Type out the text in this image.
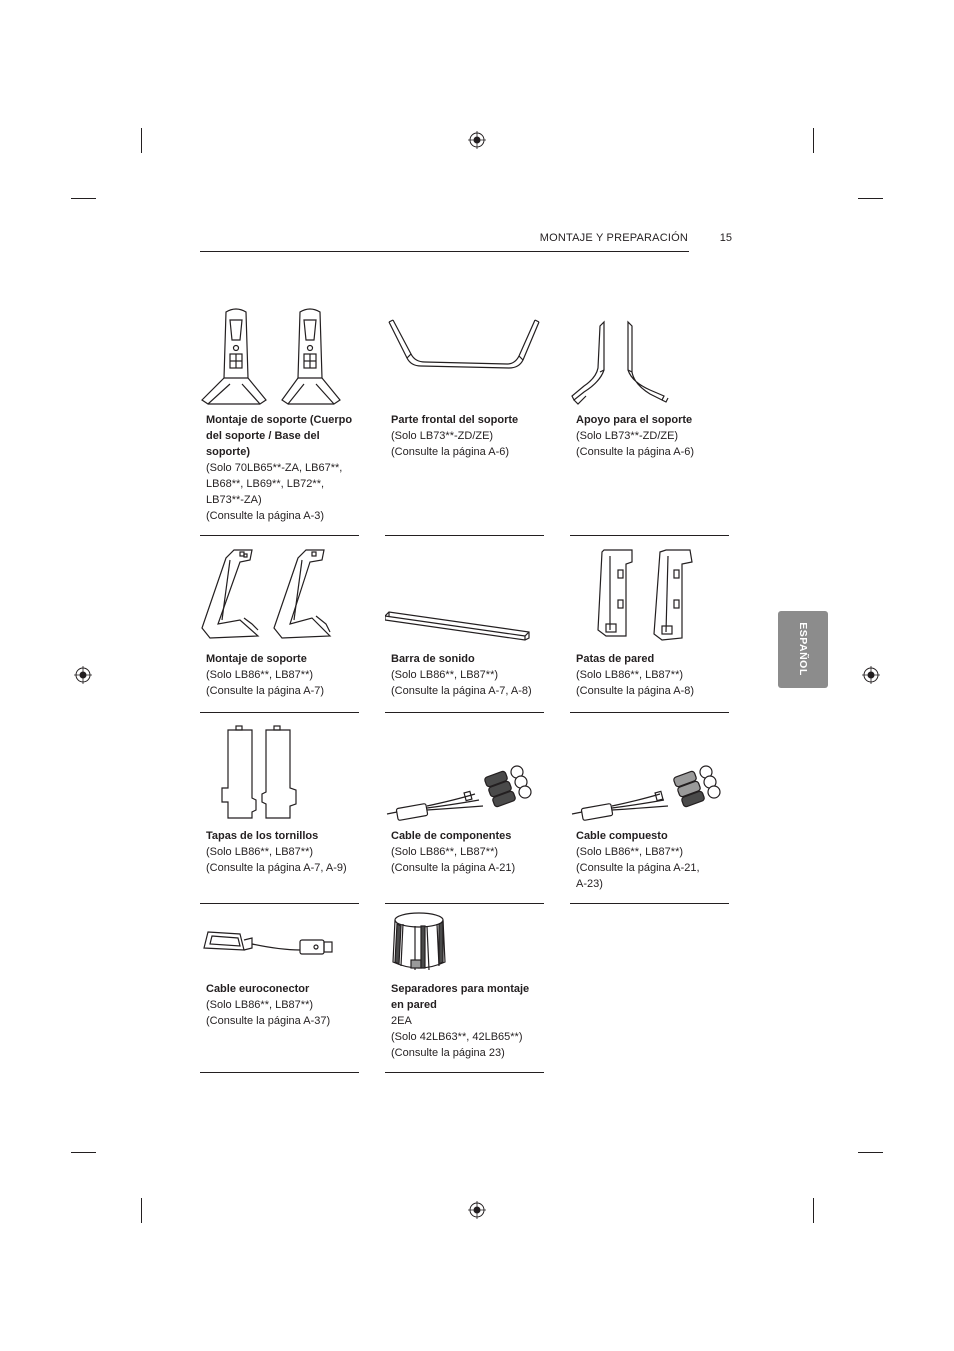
MONTAJE Y PREPARACIÓN	15
ESPAÑOL
Montaje de soporte (Cuerpo del soporte / Base del soporte)
(Solo 70LB65**-ZA, LB67**,
LB68**, LB69**, LB72**,
LB73**-ZA)
(Consulte la página A-3)
Parte frontal del soporte
(Solo LB73**-ZD/ZE)
(Consulte la página A-6)
Apoyo para el soporte
(Solo LB73**-ZD/ZE)
(Consulte la página A-6)
Montaje de soporte
(Solo LB86**, LB87**)
(Consulte la página A-7)
Barra de sonido
(Solo LB86**, LB87**)
(Consulte la página A-7, A-8)
Patas de pared
(Solo LB86**, LB87**)
(Consulte la página A-8)
Tapas de los tornillos
(Solo LB86**, LB87**)
(Consulte la página A-7, A-9)
Cable de componentes
(Solo LB86**, LB87**)
(Consulte la página A-21)
Cable compuesto
(Solo LB86**, LB87**)
(Consulte la página A-21,
A-23)
Cable euroconector
(Solo LB86**, LB87**)
(Consulte la página A-37)
Separadores para montaje en pared
2EA
(Solo 42LB63**, 42LB65**)
(Consulte la página 23)
